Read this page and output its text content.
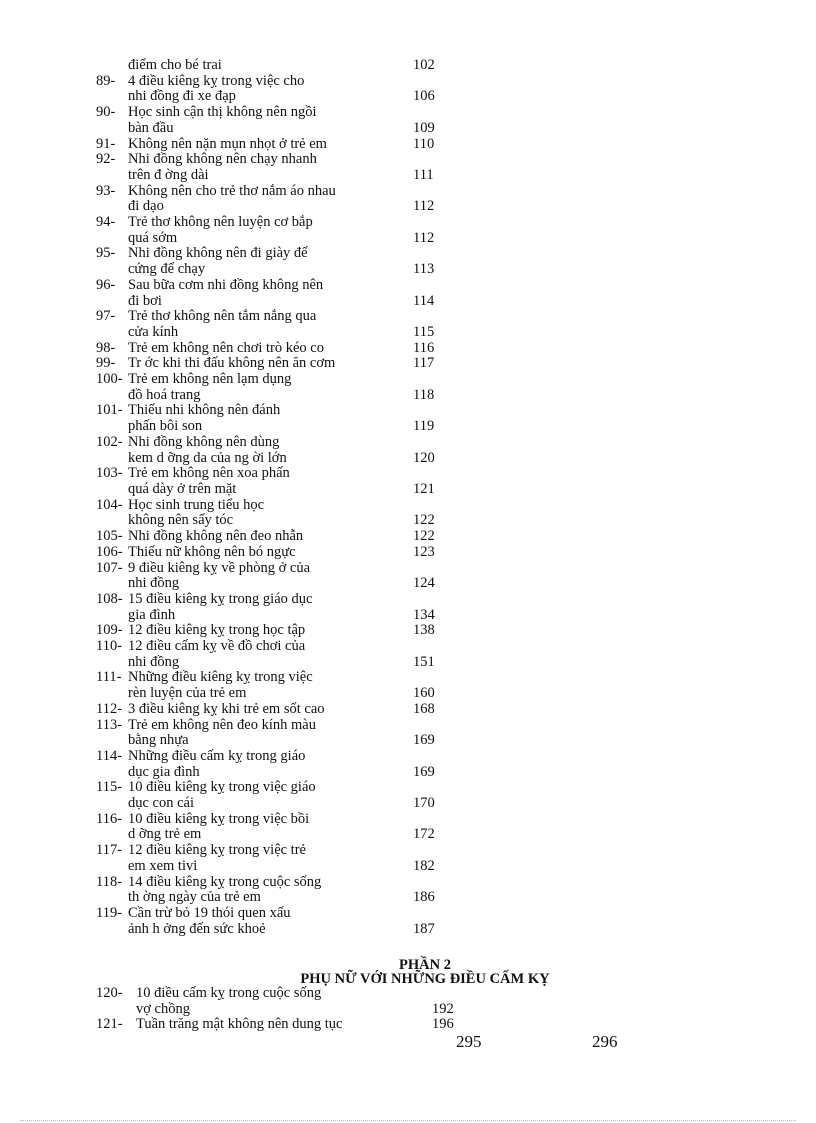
điểm cho bé trai	102
89- 4 điều kiêng kỵ trong việc cho
nhi đồng đi xe đạp	106
90- Học sinh cận thị không nên ngồi
bàn đầu	109
91- Không nên nặn mụn nhọt ở trẻ em	110
92- Nhi đồng không nên chạy nhanh
trên đ ờng dài	111
93- Không nên cho trẻ thơ nắm áo nhau
đi dạo	112
94- Trẻ thơ không nên luyện cơ bắp
quá sớm	112
95- Nhi đồng không nên đi giày đế
cứng để chạy	113
96- Sau bữa cơm nhi đồng không nên
đi bơi	114
97- Trẻ thơ không nên tắm nắng qua
cửa kính	115
98- Trẻ em không nên chơi trò kéo co	116
99- Tr ớc khi thi đấu không nên ăn cơm	117
100- Trẻ em không nên lạm dụng
đồ hoá trang	118
101- Thiếu nhi không nên đánh
phấn bôi son	119
102- Nhi đồng không nên dùng
kem d ỡng da của ng ời lớn	120
103- Trẻ em không nên xoa phấn
quá dày ở trên mặt	121
104- Học sinh trung tiểu học
không nên sấy tóc	122
105- Nhi đồng không nên đeo nhẫn	122
106- Thiếu nữ không nên bó ngực	123
107- 9 điều kiêng kỵ về phòng ở của
nhi đồng	124
108- 15 điều kiêng kỵ trong giáo dục
gia đình	134
109- 12 điều kiêng kỵ trong học tập	138
110- 12 điều cấm kỵ về đồ chơi của
nhi đồng	151
111- Những điều kiêng kỵ trong việc
rèn luyện của trẻ em	160
112- 3 điều kiêng kỵ khi trẻ em sốt cao	168
113- Trẻ em không nên đeo kính màu
bằng nhựa	169
114- Những điều cấm kỵ trong giáo
dục gia đình	169
115- 10 điều kiêng kỵ trong việc giáo
dục con cái	170
116- 10 điều kiêng kỵ trong việc bồi
d ỡng trẻ em	172
117- 12 điều kiêng kỵ trong việc trẻ
em xem tivi	182
118- 14 điều kiêng kỵ trong cuộc sống
th ờng ngày của trẻ em	186
119- Cần trừ bỏ 19 thói quen xấu
ảnh h ởng đến sức khoẻ	187
PHẦN 2
PHỤ NỮ VỚI NHỮNG ĐIỀU CẤM KỴ
120- 10 điều cấm kỵ trong cuộc sống
vợ chồng	192
121- Tuần trăng mật không nên dung tục	196
295	296
